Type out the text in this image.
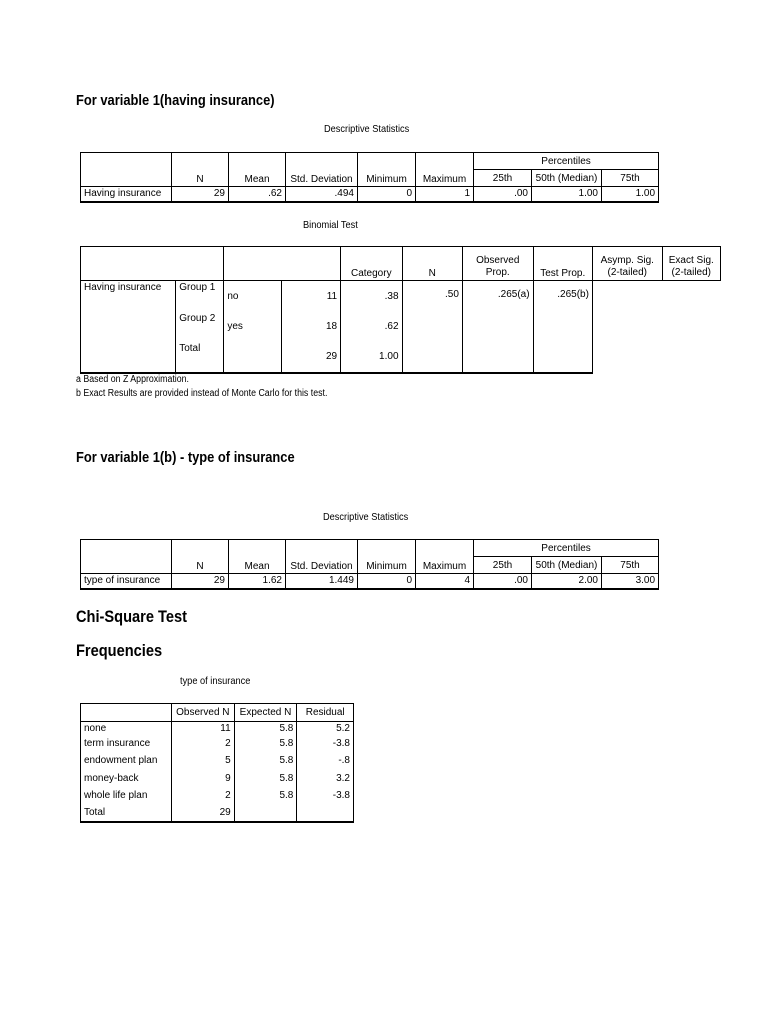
For variable 1(having insurance)
Descriptive Statistics
	N	Mean	Std. Deviation	Minimum	Maximum	Percentiles		
						25th	50th (Median)	75th
Having insurance	29	.62	.494	0	1	.00	1.00	1.00
Binomial Test
				Category	N	Observed Prop.	Test Prop.	Asymp. Sig. (2-tailed)	Exact Sig. (2-tailed)
Having insurance	Group 1	no	11	.38	.50	.265(a)	.265(b)		
	Group 2	yes	18	.62					
	Total		29	1.00					
a Based on Z Approximation.
b Exact Results are provided instead of Monte Carlo for this test.
For variable 1(b) - type of insurance
Descriptive Statistics
	N	Mean	Std. Deviation	Minimum	Maximum	Percentiles		
						25th	50th (Median)	75th
type of insurance	29	1.62	1.449	0	4	.00	2.00	3.00
Chi-Square Test
Frequencies
type of insurance
	Observed N	Expected N	Residual
none	11	5.8	5.2
term insurance	2	5.8	-3.8
endowment plan	5	5.8	-.8
money-back	9	5.8	3.2
whole life plan	2	5.8	-3.8
Total	29		
